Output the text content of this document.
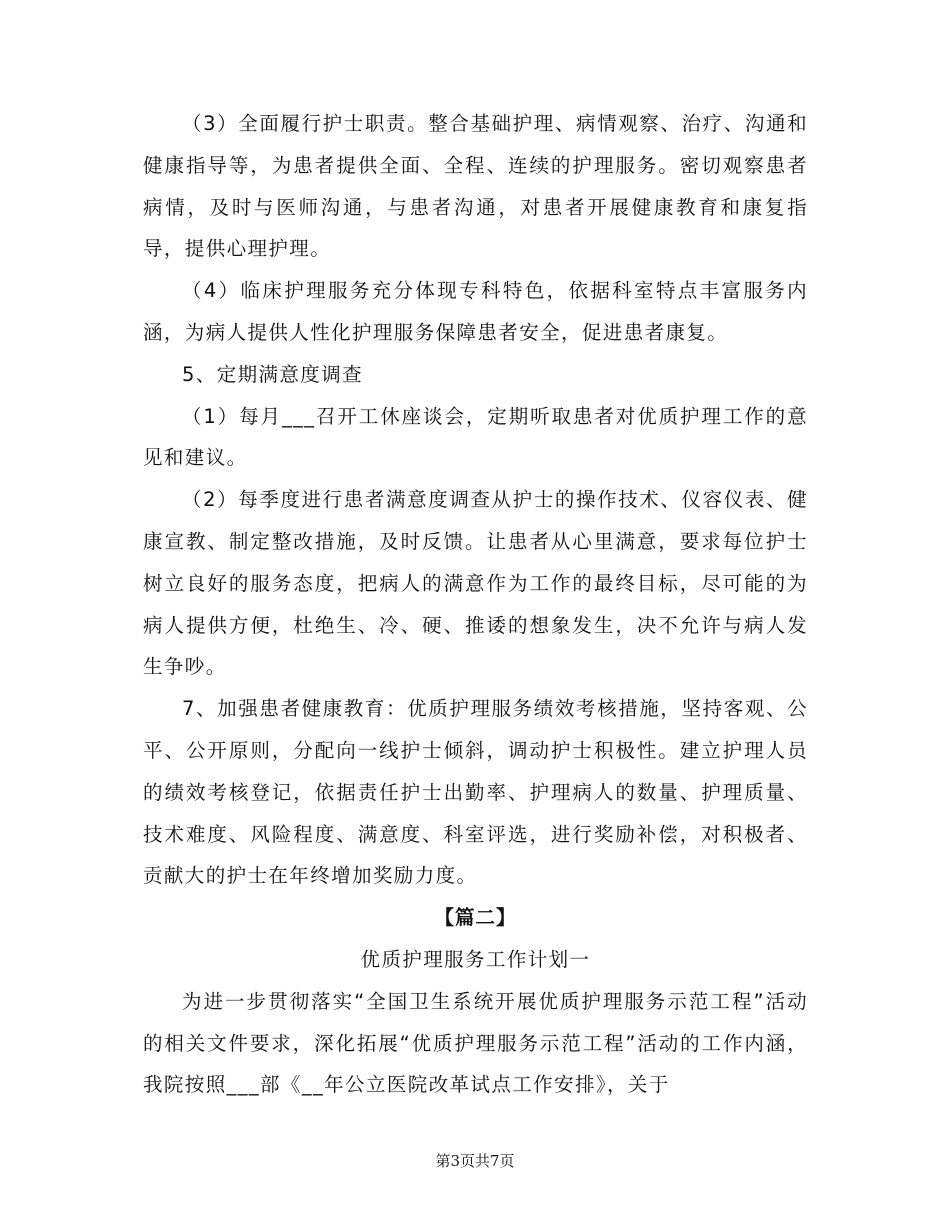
（3）全面履行护士职责。整合基础护理、病情观察、治疗、沟通和健康指导等，为患者提供全面、全程、连续的护理服务。密切观察患者病情，及时与医师沟通，与患者沟通，对患者开展健康教育和康复指导，提供心理护理。

（4）临床护理服务充分体现专科特色，依据科室特点丰富服务内涵，为病人提供人性化护理服务保障患者安全，促进患者康复。

5、定期满意度调查

（1）每月___召开工休座谈会，定期听取患者对优质护理工作的意见和建议。

（2）每季度进行患者满意度调查从护士的操作技术、仪容仪表、健康宣教、制定整改措施，及时反馈。让患者从心里满意，要求每位护士树立良好的服务态度，把病人的满意作为工作的最终目标，尽可能的为病人提供方便，杜绝生、冷、硬、推诿的想象发生，决不允许与病人发生争吵。

7、加强患者健康教育：优质护理服务绩效考核措施，坚持客观、公平、公开原则，分配向一线护士倾斜，调动护士积极性。建立护理人员的绩效考核登记，依据责任护士出勤率、护理病人的数量、护理质量、技术难度、风险程度、满意度、科室评选，进行奖励补偿，对积极者、贡献大的护士在年终增加奖励力度。

【篇二】

优质护理服务工作计划一

为进一步贯彻落实“全国卫生系统开展优质护理服务示范工程”活动的相关文件要求，深化拓展“优质护理服务示范工程”活动的工作内涵，我院按照___部《__年公立医院改革试点工作安排》，关于

第3页共7页
